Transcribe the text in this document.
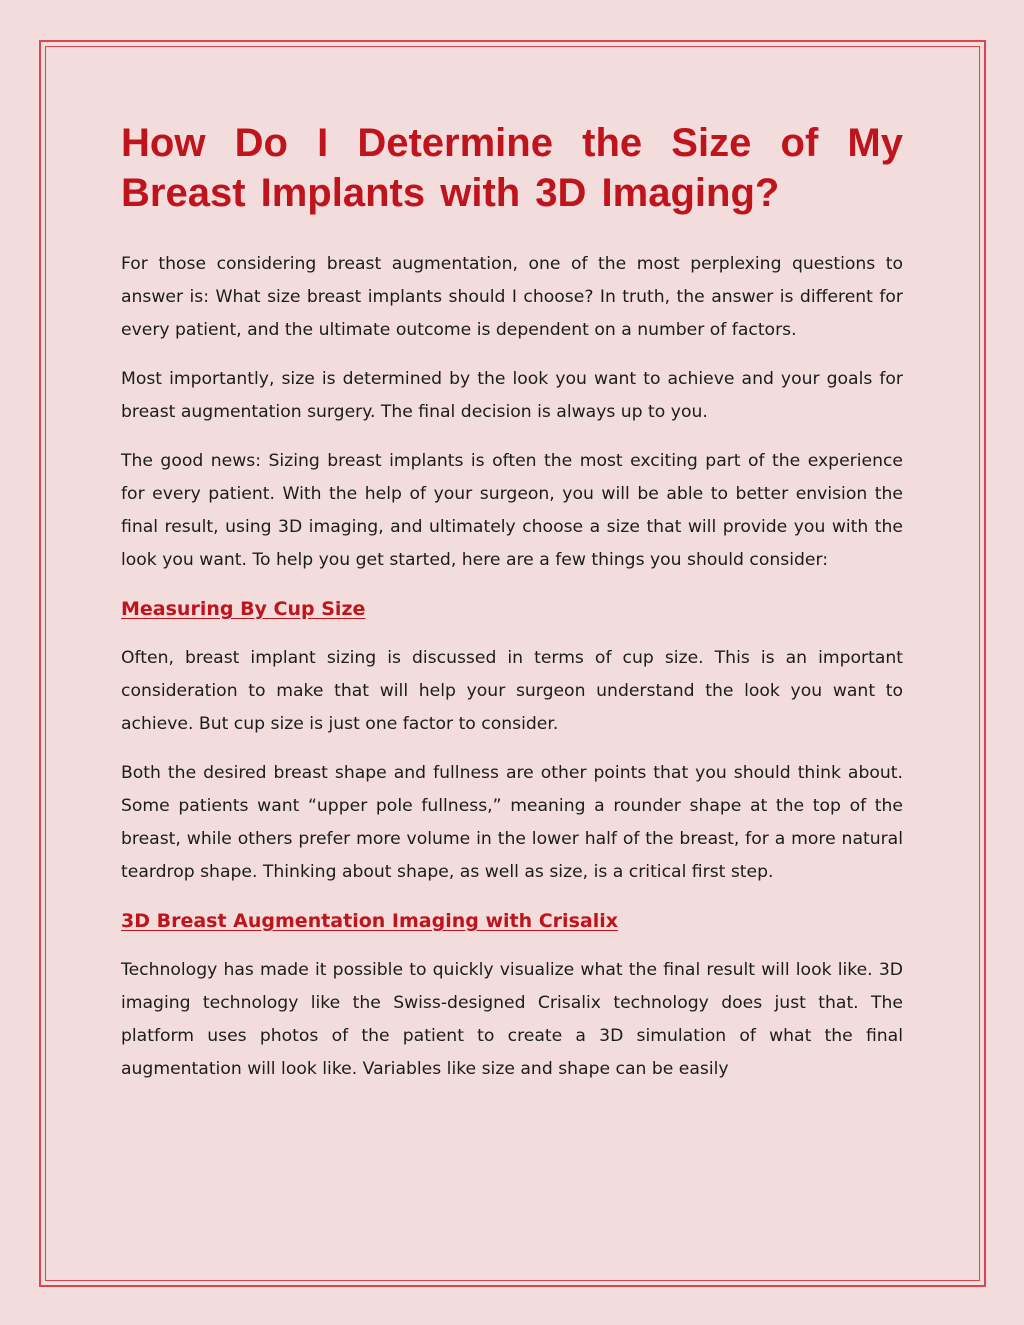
How Do I Determine the Size of My Breast Implants with 3D Imaging?

For those considering breast augmentation, one of the most perplexing questions to answer is: What size breast implants should I choose? In truth, the answer is different for every patient, and the ultimate outcome is dependent on a number of factors.

Most importantly, size is determined by the look you want to achieve and your goals for breast augmentation surgery. The final decision is always up to you.

The good news: Sizing breast implants is often the most exciting part of the experience for every patient. With the help of your surgeon, you will be able to better envision the final result, using 3D imaging, and ultimately choose a size that will provide you with the look you want. To help you get started, here are a few things you should consider:

Measuring By Cup Size

Often, breast implant sizing is discussed in terms of cup size. This is an important consideration to make that will help your surgeon understand the look you want to achieve. But cup size is just one factor to consider.

Both the desired breast shape and fullness are other points that you should think about. Some patients want “upper pole fullness,” meaning a rounder shape at the top of the breast, while others prefer more volume in the lower half of the breast, for a more natural teardrop shape. Thinking about shape, as well as size, is a critical first step.

3D Breast Augmentation Imaging with Crisalix

Technology has made it possible to quickly visualize what the final result will look like. 3D imaging technology like the Swiss-designed Crisalix technology does just that. The platform uses photos of the patient to create a 3D simulation of what the final augmentation will look like. Variables like size and shape can be easily
